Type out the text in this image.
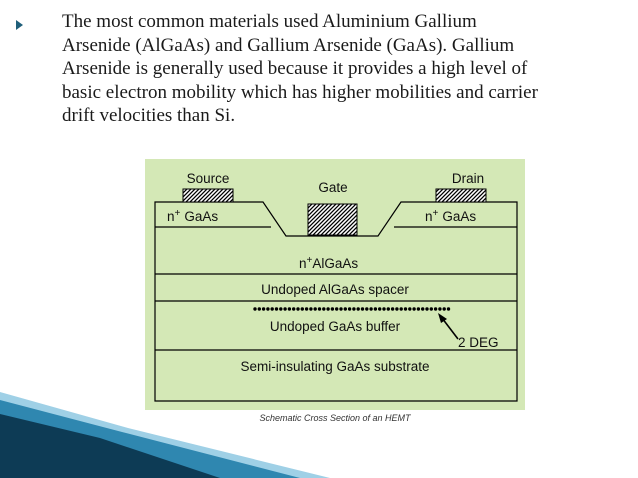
The most common materials used Aluminium Gallium
Arsenide (AlGaAs) and Gallium Arsenide (GaAs). Gallium
Arsenide is generally used because it provides a high level of
basic electron mobility which has higher mobilities and carrier
drift velocities than Si.
Source
Gate
Drain
n+ GaAs	n+ GaAs
n+AlGaAs
Undoped AlGaAs spacer
Undoped GaAs buffer
2 DEG
Semi-insulating GaAs substrate
Schematic Cross Section of an HEMT
